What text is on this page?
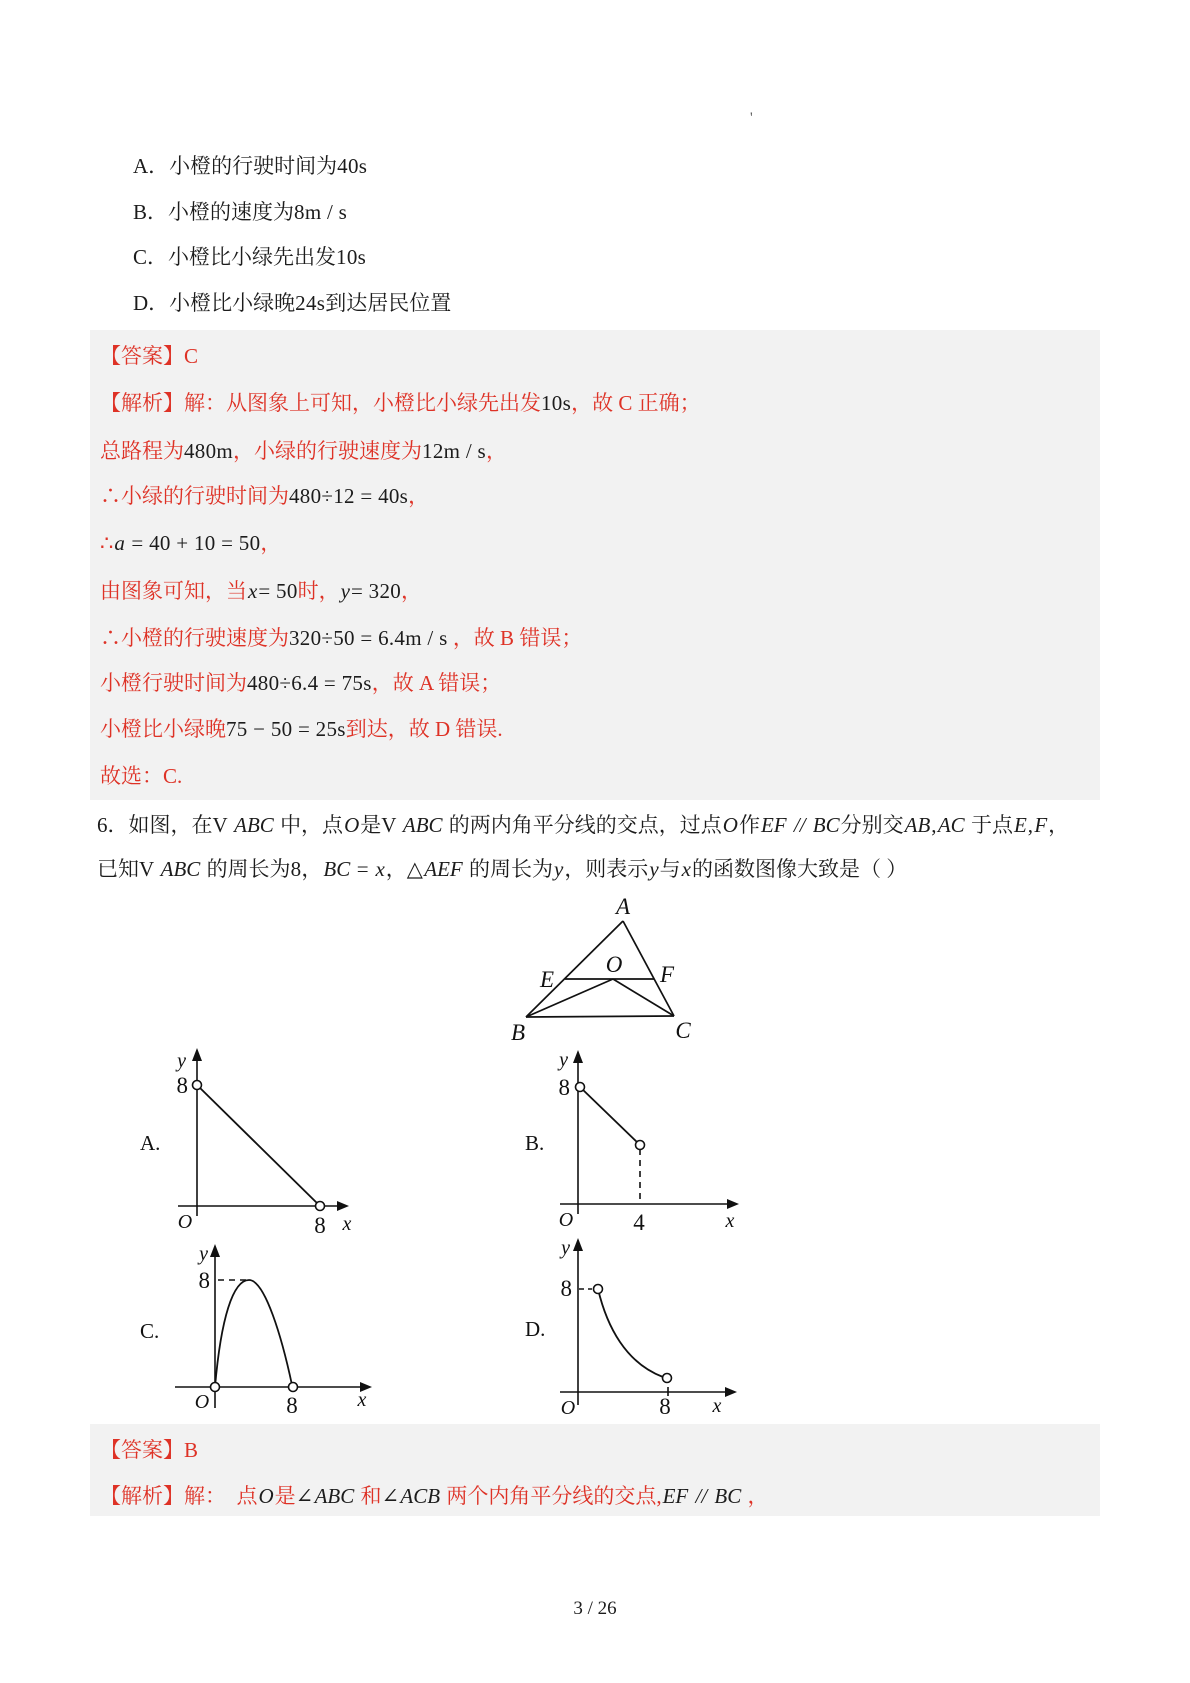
'
A．小橙的行驶时间为40s
B．小橙的速度为8m / s
C．小橙比小绿先出发10s
D．小橙比小绿晚24s到达居民位置
【答案】C
【解析】解：从图象上可知，小橙比小绿先出发10s，故 C 正确；
总路程为480m，小绿的行驶速度为12m / s，
∴小绿的行驶时间为480÷12 = 40s，
∴a = 40 + 10 = 50，
由图象可知，当x= 50时，y= 320，
∴小橙的行驶速度为320÷50 = 6.4m / s ，故 B 错误；
小橙行驶时间为480÷6.4 = 75s，故 A 错误；
小橙比小绿晚75 − 50 = 25s到达，故 D 错误.
故选：C.
6．如图，在V ABC 中，点O是V ABC 的两内角平分线的交点，过点O作EF // BC分别交AB,AC 于点E,F，
已知V ABC 的周长为8，BC = x，△AEF 的周长为y，则表示y与x的函数图像大致是（ ）
A
B	C
E
O F
A.
y
8
O	8 x
B.
y
8
O	4	x
C.
y
8
O	8	x
D.
y
8
O	8 x
【答案】B
【解析】解：  点O是∠ABC 和∠ACB 两个内角平分线的交点,EF // BC ，
3 / 26
